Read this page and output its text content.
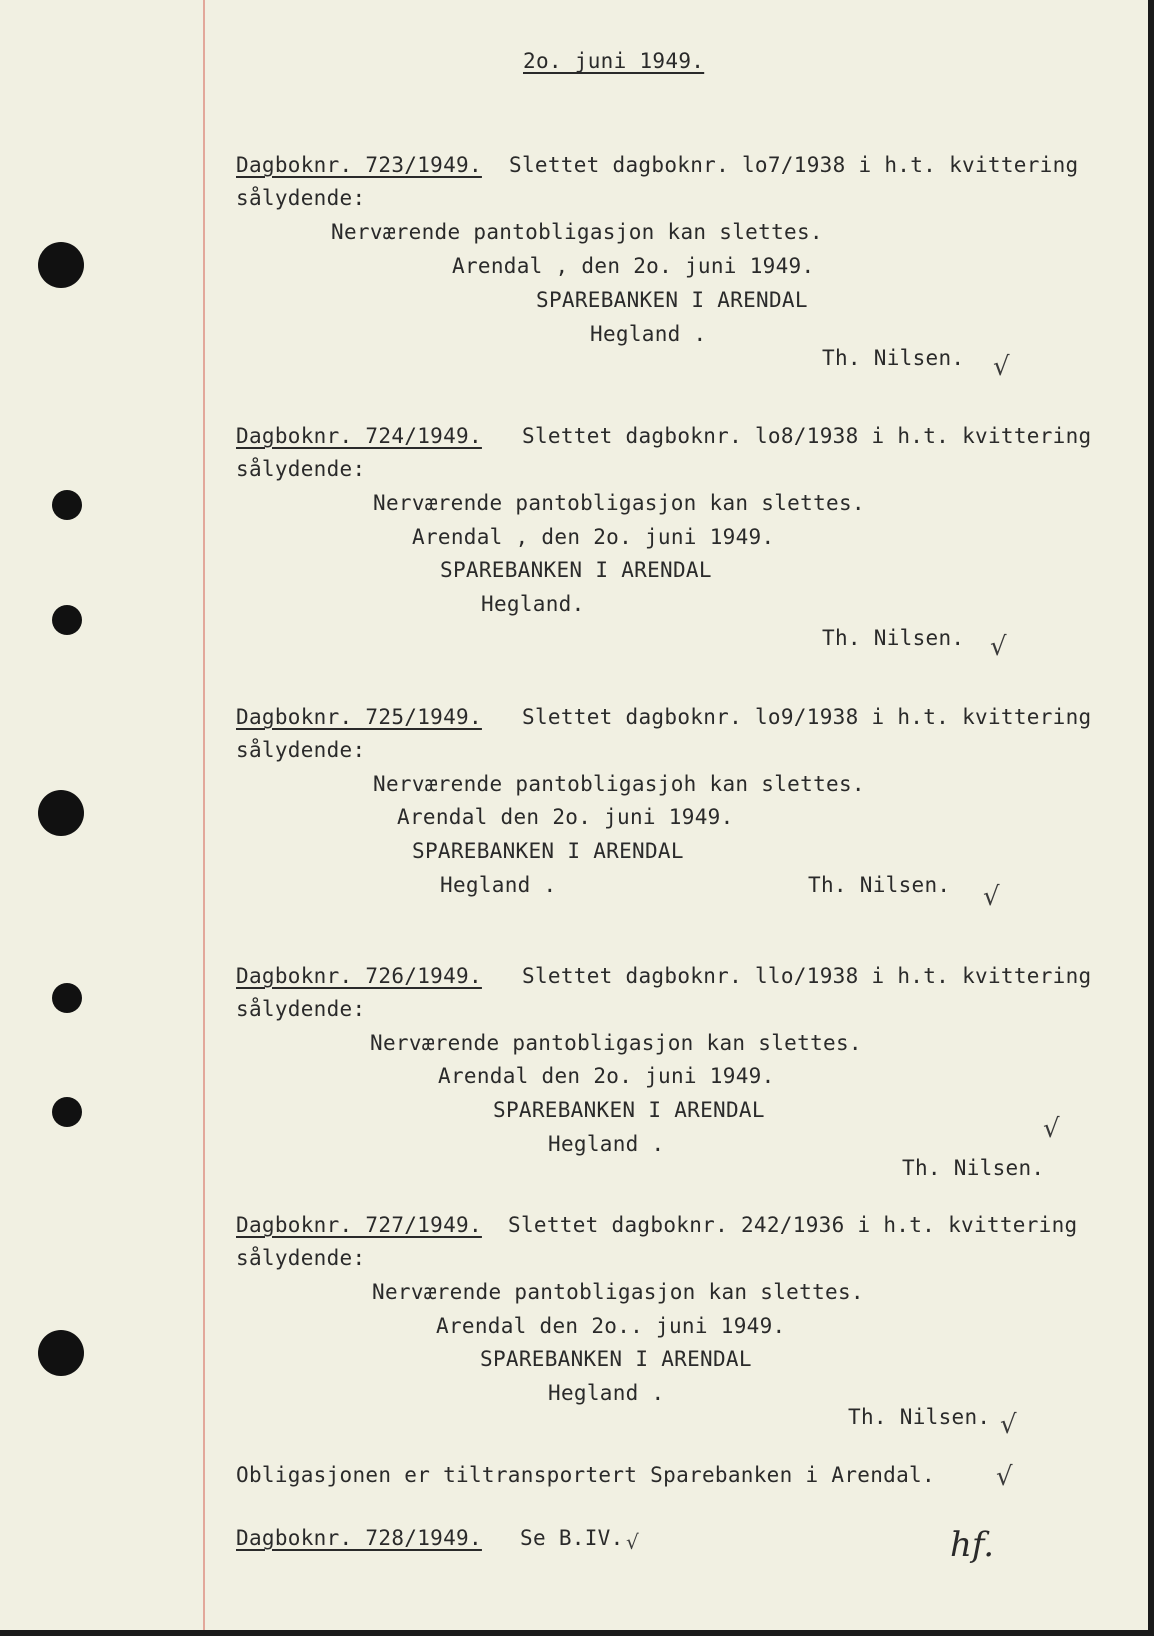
2o. juni 1949.
Dagboknr. 723/1949. Slettet dagboknr. lo7/1938 i h.t. kvittering
sålydende:
Nerværende pantobligasjon kan slettes.
Arendal , den 2o. juni 1949.
SPAREBANKEN I ARENDAL
Hegland .
Th. Nilsen. √
Dagboknr. 724/1949. Slettet dagboknr. lo8/1938 i h.t. kvittering
sålydende:
Nerværende pantobligasjon kan slettes.
Arendal , den 2o. juni 1949.
SPAREBANKEN I ARENDAL
Hegland.
Th. Nilsen. √
Dagboknr. 725/1949. Slettet dagboknr. lo9/1938 i h.t. kvittering
sålydende:
Nerværende pantobligasjoh kan slettes.
Arendal den 2o. juni 1949.
SPAREBANKEN I ARENDAL
Hegland .	Th. Nilsen. √
Dagboknr. 726/1949. Slettet dagboknr. llo/1938 i h.t. kvittering
sålydende:
Nerværende pantobligasjon kan slettes.
Arendal den 2o. juni 1949.
SPAREBANKEN I ARENDAL
Hegland .	√
Th. Nilsen.
Dagboknr. 727/1949. Slettet dagboknr. 242/1936 i h.t. kvittering
sålydende:
Nerværende pantobligasjon kan slettes.
Arendal den 2o.. juni 1949.
SPAREBANKEN I ARENDAL
Hegland .
Th. Nilsen. √
Obligasjonen er tiltransportert Sparebanken i Arendal. √
Dagboknr. 728/1949. Se B.IV. √	hf.
